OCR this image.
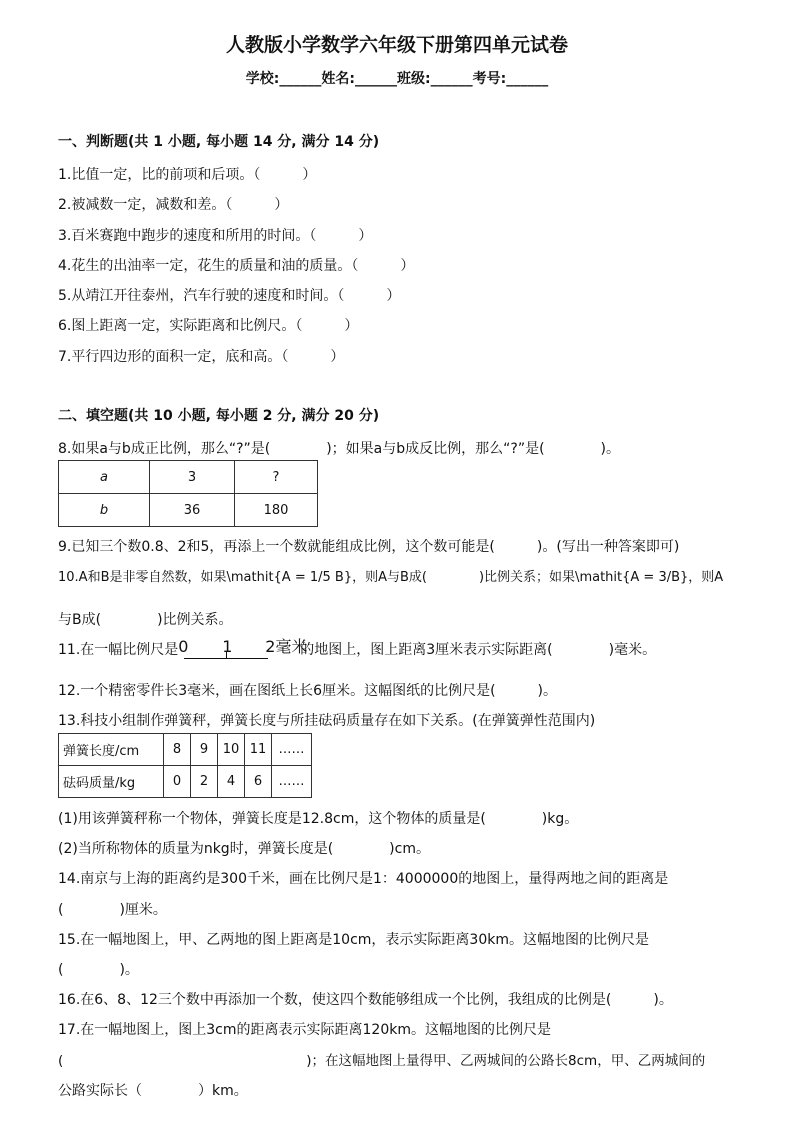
人教版小学数学六年级下册第四单元试卷
学校:______姓名:______班级:______考号:______
一、判断题(共 1 小题, 每小题 14 分, 满分 14 分)
1.比值一定，比的前项和后项。（　　　）
2.被减数一定，减数和差。（　　　）
3.百米赛跑中跑步的速度和所用的时间。（　　　）
4.花生的出油率一定，花生的质量和油的质量。（　　　）
5.从靖江开往泰州，汽车行驶的速度和时间。（　　　）
6.图上距离一定，实际距离和比例尺。（　　　）
7.平行四边形的面积一定，底和高。（　　　）
二、填空题(共 10 小题, 每小题 2 分, 满分 20 分)
8.如果a与b成正比例，那么“?”是(　　　　)；如果a与b成反比例，那么“?”是(　　　　)。
a	3	?
b	36	180
9.已知三个数0.8、2和5，再添上一个数就能组成比例，这个数可能是(　　　)。(写出一种答案即可)
10.A和B是非零自然数，如果\mathit{A = 1/5 B}，则A与B成(　　　　)比例关系；如果\mathit{A = 3/B}，则A
与B成(　　　　)比例关系。
11.在一幅比例尺是 0 1 2毫米
的地图上，图上距离3厘米表示实际距离(　　　　)毫米。
12.一个精密零件长3毫米，画在图纸上长6厘米。这幅图纸的比例尺是(　　　)。
13.科技小组制作弹簧秤，弹簧长度与所挂砝码质量存在如下关系。(在弹簧弹性范围内)
弹簧长度/cm	8	9	10	11	……
砝码质量/kg	0	2	4	6	……
(1)用该弹簧秤称一个物体，弹簧长度是12.8cm，这个物体的质量是(　　　　)kg。
(2)当所称物体的质量为nkg时，弹簧长度是(　　　　)cm。
14.南京与上海的距离约是300千米，画在比例尺是1：4000000的地图上，量得两地之间的距离是
(　　　　)厘米。
15.在一幅地图上，甲、乙两地的图上距离是10cm，表示实际距离30km。这幅地图的比例尺是
(　　　　)。
16.在6、8、12三个数中再添加一个数，使这四个数能够组成一个比例，我组成的比例是(　　　)。
17.在一幅地图上，图上3cm的距离表示实际距离120km。这幅地图的比例尺是
(　　　　　　　　　　　　　　　　　　)；在这幅地图上量得甲、乙两城间的公路长8cm，甲、乙两城间的
公路实际长（　　　　）km。
